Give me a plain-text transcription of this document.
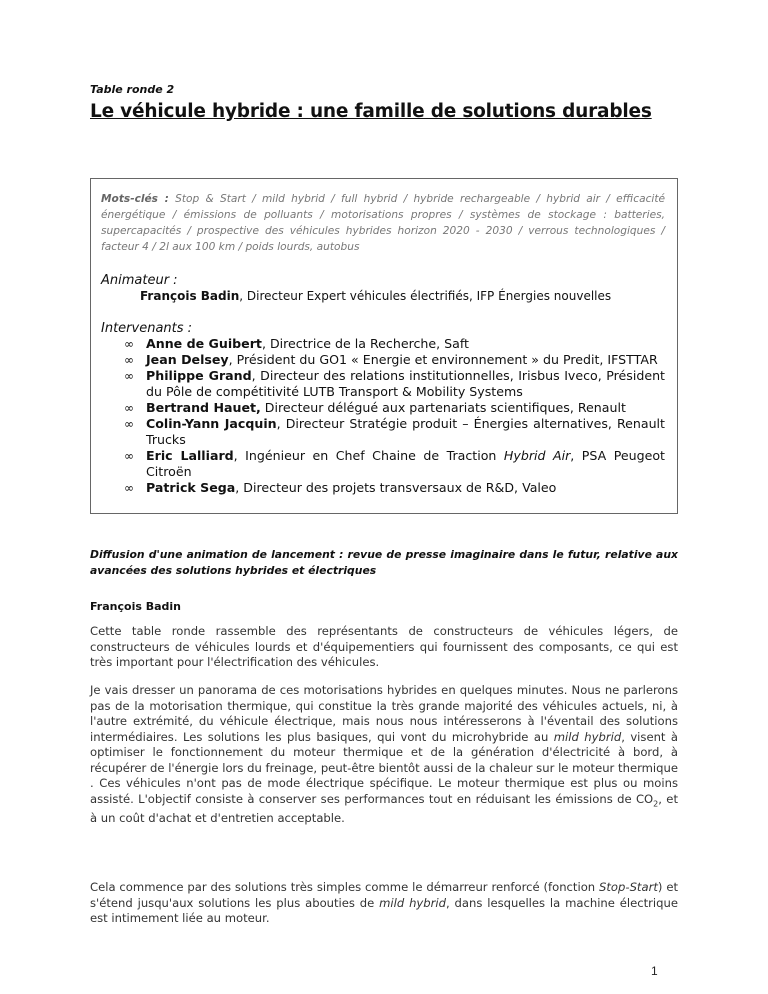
Table ronde 2
Le véhicule hybride : une famille de solutions durables
Mots-clés : Stop & Start / mild hybrid / full hybrid / hybride rechargeable / hybrid air / efficacité énergétique / émissions de polluants / motorisations propres / systèmes de stockage : batteries, supercapacités / prospective des véhicules hybrides horizon 2020 - 2030 / verrous technologiques / facteur 4 / 2l aux 100 km / poids lourds, autobus
Animateur :
François Badin, Directeur Expert véhicules électrifiés, IFP Énergies nouvelles
Intervenants :
∞ Anne de Guibert, Directrice de la Recherche, Saft
∞ Jean Delsey, Président du GO1 « Energie et environnement » du Predit, IFSTTAR
∞ Philippe Grand, Directeur des relations institutionnelles, Irisbus Iveco, Président du Pôle de compétitivité LUTB Transport & Mobility Systems
∞ Bertrand Hauet, Directeur délégué aux partenariats scientifiques, Renault
∞ Colin-Yann Jacquin, Directeur Stratégie produit – Énergies alternatives, Renault Trucks
∞ Eric Lalliard, Ingénieur en Chef Chaine de Traction Hybrid Air, PSA Peugeot Citroën
∞ Patrick Sega, Directeur des projets transversaux de R&D, Valeo
Diffusion d'une animation de lancement : revue de presse imaginaire dans le futur, relative aux avancées des solutions hybrides et électriques
François Badin
Cette table ronde rassemble des représentants de constructeurs de véhicules légers, de constructeurs de véhicules lourds et d'équipementiers qui fournissent des composants, ce qui est très important pour l'électrification des véhicules.
Je vais dresser un panorama de ces motorisations hybrides en quelques minutes. Nous ne parlerons pas de la motorisation thermique, qui constitue la très grande majorité des véhicules actuels, ni, à l'autre extrémité, du véhicule électrique, mais nous nous intéresserons à l'éventail des solutions intermédiaires. Les solutions les plus basiques, qui vont du microhybride au mild hybrid, visent à optimiser le fonctionnement du moteur thermique et de la génération d'électricité à bord, à récupérer de l'énergie lors du freinage, peut-être bientôt aussi de la chaleur sur le moteur thermique . Ces véhicules n'ont pas de mode électrique spécifique. Le moteur thermique est plus ou moins assisté. L'objectif consiste à conserver ses performances tout en réduisant les émissions de $CO_2$, et à un coût d'achat et d'entretien acceptable.
Cela commence par des solutions très simples comme le démarreur renforcé (fonction Stop-Start) et s'étend jusqu'aux solutions les plus abouties de mild hybrid, dans lesquelles la machine électrique est intimement liée au moteur.
1
